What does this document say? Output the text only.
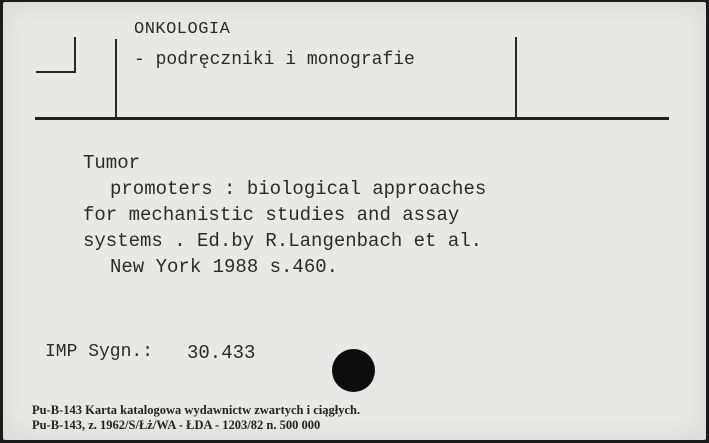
ONKOLOGIA
- podręczniki i monografie
Tumor
promoters : biological approaches
for mechanistic studies and assay
systems . Ed.by R.Langenbach et al.
New York 1988 s.460.
IMP Sygn.: 30.433
Pu-B-143 Karta katalogowa wydawnictw zwartych i ciągłych.
Pu-B-143, z. 1962/S/Łż/WA - ŁDA - 1203/82 n. 500 000
